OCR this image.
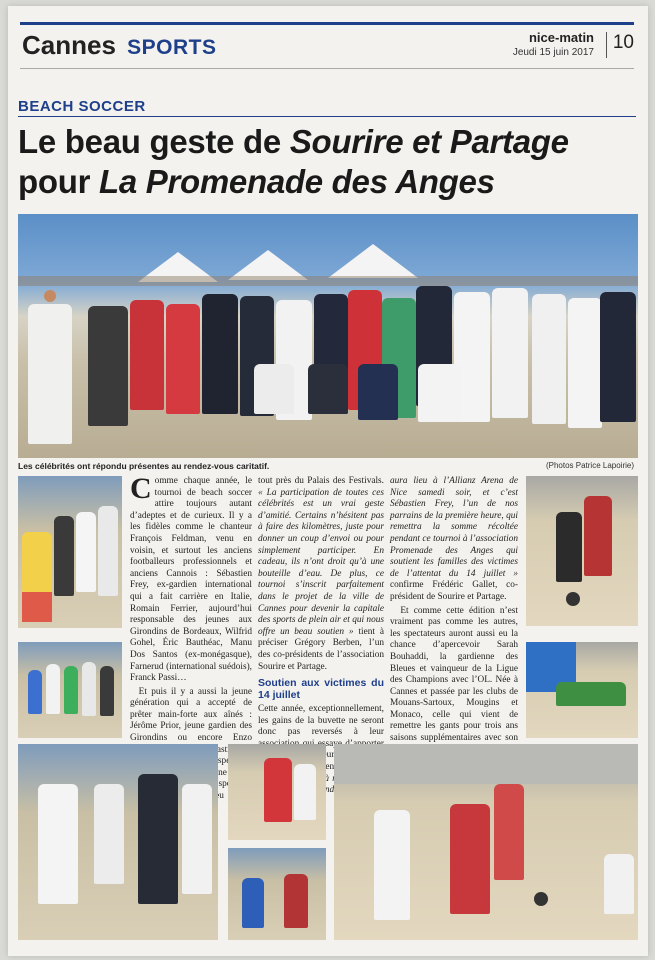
Cannes SPORTS	nice-matin
Jeudi 15 juin 2017 10
BEACH SOCCER
Le beau geste de Sourire et Partage
pour La Promenade des Anges
Les célébrités ont répondu présentes au rendez-vous caritatif.	(Photos Patrice Lapoirie)

Comme chaque année, le tournoi de beach soccer attire toujours autant d’adeptes et de curieux. Il y a les fidèles comme le chanteur François Feldman, venu en voisin, et surtout les anciens footballeurs professionnels et anciens Cannois : Sébastien Frey, ex-gardien international qui a fait carrière en Italie, Romain Ferrier, aujourd’hui responsable des jeunes aux Girondins de Bordeaux, Wilfrid Gohel, Éric Bauthéac, Manu Dos Santos (ex-monégasque), Farnerud (international suédois), Franck Passi…

Et puis il y a aussi la jeune génération qui a accepté de prêter main-forte aux aînés : Jérôme Prior, jeune gardien des Girondins ou encore Enzo Bastia. jeu

tout près du Palais des Festivals. « La participation de toutes ces célébrités est un vrai geste d’amitié. Certains n’hésitent pas à faire des kilomètres, juste pour donner un coup d’envoi ou pour simplement participer. En cadeau, ils n’ont droit qu’à une bouteille d’eau. De plus, ce tournoi s’inscrit parfaitement dans le projet de la ville de Cannes pour devenir la capitale des sports de plein air et qui nous offre un beau soutien » tient à préciser Grégory Berben, l’un des co-présidents de l’association Sourire et Partage.

Soutien aux victimes du 14 juillet

Cette année, exceptionnellement, les gains de la buvette ne seront donc pas reversés à leur essaye à

aura lieu à l’Allianz Arena de Nice samedi soir, et c’est Sébastien Frey, l’un de nos parrains de la première heure, qui remettra la somme récoltée pendant ce tournoi à l’association Promenade des Anges qui soutient les familles des victimes de l’attentat du 14 juillet » confirme Frédéric Gallet, co-président de Sourire et Partage.

Et comme cette édition n’est vraiment pas comme les autres, les spectateurs auront aussi eu la chance d’apercevoir Sarah Bouhaddi, la gardienne des Bleues et vainqueur de la Ligue des Champions avec l’OL. Née à Cannes et passée par les clubs de Mouans-Sartoux, Mougins et Monaco, celle qui vient de remettre les gants pour trois ans saisons supplémentaires avec son
